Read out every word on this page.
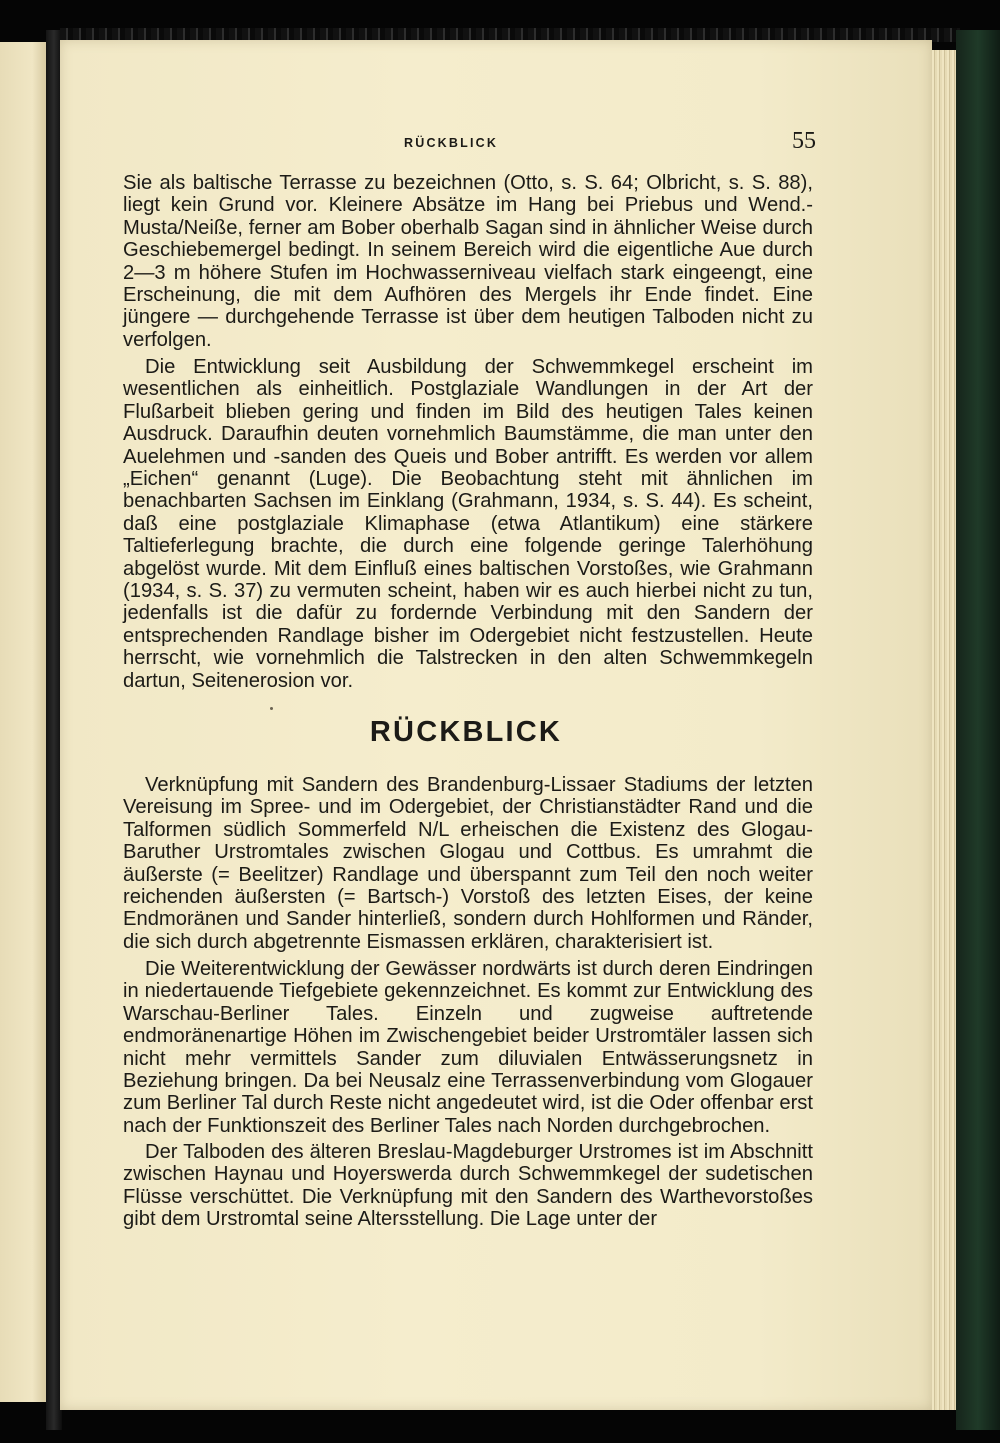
RÜCKBLICK	55

Sie als baltische Terrasse zu bezeichnen (Otto, s. S. 64; Olbricht, s. S. 88), liegt kein Grund vor. Kleinere Absätze im Hang bei Priebus und Wend.-Musta/Neiße, ferner am Bober oberhalb Sagan sind in ähnlicher Weise durch Geschiebemergel bedingt. In seinem Bereich wird die eigentliche Aue durch 2—3 m höhere Stufen im Hochwasserniveau vielfach stark eingeengt, eine Erscheinung, die mit dem Aufhören des Mergels ihr Ende findet. Eine jüngere — durchgehende Terrasse ist über dem heutigen Talboden nicht zu verfolgen.

Die Entwicklung seit Ausbildung der Schwemmkegel erscheint im wesentlichen als einheitlich. Postglaziale Wandlungen in der Art der Flußarbeit blieben gering und finden im Bild des heutigen Tales keinen Ausdruck. Daraufhin deuten vornehmlich Baumstämme, die man unter den Auelehmen und -sanden des Queis und Bober antrifft. Es werden vor allem „Eichen“ genannt (Luge). Die Beobachtung steht mit ähnlichen im benachbarten Sachsen im Einklang (Grahmann, 1934, s. S. 44). Es scheint, daß eine postglaziale Klimaphase (etwa Atlantikum) eine stärkere Taltieferlegung brachte, die durch eine folgende geringe Talerhöhung abgelöst wurde. Mit dem Einfluß eines baltischen Vorstoßes, wie Grahmann (1934, s. S. 37) zu vermuten scheint, haben wir es auch hierbei nicht zu tun, jedenfalls ist die dafür zu fordernde Verbindung mit den Sandern der entsprechenden Randlage bisher im Odergebiet nicht festzustellen. Heute herrscht, wie vornehmlich die Talstrecken in den alten Schwemmkegeln dartun, Seitenerosion vor.

Verknüpfung mit Sandern des Brandenburg-Lissaer Stadiums der letzten Vereisung im Spree- und im Odergebiet, der Christianstädter Rand und die Talformen südlich Sommerfeld N/L erheischen die Existenz des Glogau-Baruther Urstromtales zwischen Glogau und Cottbus. Es umrahmt die äußerste (= Beelitzer) Randlage und überspannt zum Teil den noch weiter reichenden äußersten (= Bartsch-) Vorstoß des letzten Eises, der keine Endmoränen und Sander hinterließ, sondern durch Hohlformen und Ränder, die sich durch abgetrennte Eismassen erklären, charakterisiert ist.

Die Weiterentwicklung der Gewässer nordwärts ist durch deren Eindringen in niedertauende Tiefgebiete gekennzeichnet. Es kommt zur Entwicklung des Warschau-Berliner Tales. Einzeln und zugweise auftretende endmoränenartige Höhen im Zwischengebiet beider Urstromtäler lassen sich nicht mehr vermittels Sander zum diluvialen Entwässerungsnetz in Beziehung bringen. Da bei Neusalz eine Terrassenverbindung vom Glogauer zum Berliner Tal durch Reste nicht angedeutet wird, ist die Oder offenbar erst nach der Funktionszeit des Berliner Tales nach Norden durchgebrochen.

Der Talboden des älteren Breslau-Magdeburger Urstromes ist im Abschnitt zwischen Haynau und Hoyerswerda durch Schwemmkegel der sudetischen Flüsse verschüttet. Die Verknüpfung mit den Sandern des Warthevorstoßes gibt dem Urstromtal seine Altersstellung. Die Lage unter der

RÜCKBLICK
